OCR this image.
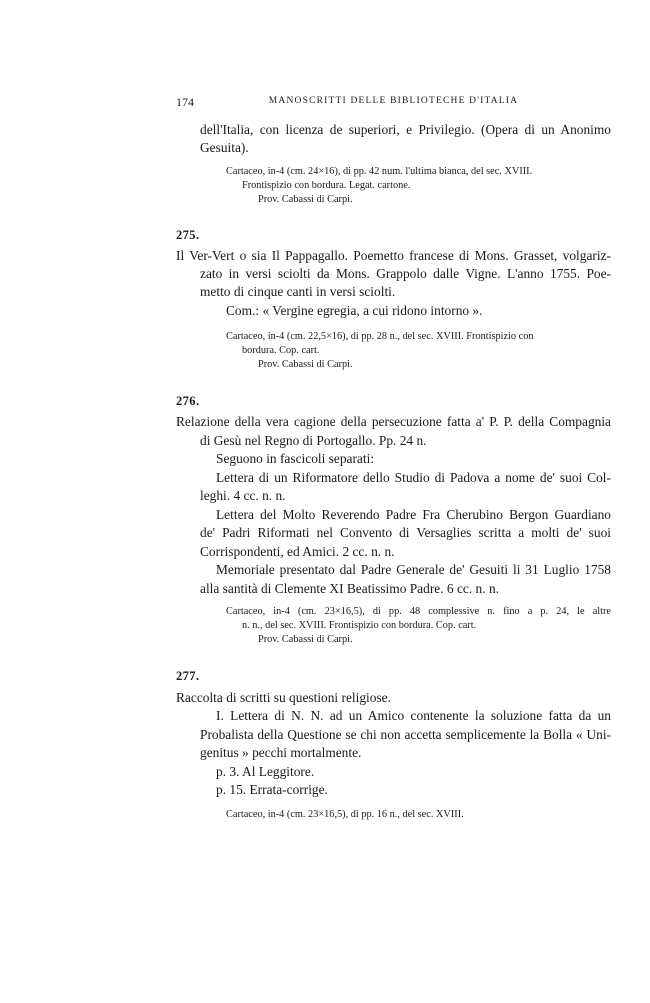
174	MANOSCRITTI DELLE BIBLIOTECHE D'ITALIA
dell'Italia, con licenza de superiori, e Privilegio. (Opera di un Anonimo
Gesuita).
Cartaceo, in-4 (cm. 24×16), di pp. 42 num. l'ultima bianca, del sec. XVIII.
Frontispizio con bordura. Legat. cartone.
Prov. Cabassi di Carpi.
275.
Il Ver-Vert o sia Il Pappagallo. Poemetto francese di Mons. Grasset, volgariz-
zato in versi sciolti da Mons. Grappolo dalle Vigne. L'anno 1755. Poe-
metto di cinque canti in versi sciolti.
Com.: « Vergine egregia, a cui ridono intorno ».
Cartaceo, in-4 (cm. 22,5×16), di pp. 28 n., del sec. XVIII. Frontispizio con
bordura. Cop. cart.
Prov. Cabassi di Carpi.
276.
Relazione della vera cagione della persecuzione fatta a' P. P. della Compagnia
di Gesù nel Regno di Portogallo. Pp. 24 n.
Seguono in fascicoli separati:
Lettera di un Riformatore dello Studio di Padova a nome de' suoi Col-
leghi. 4 cc. n. n.
Lettera del Molto Reverendo Padre Fra Cherubino Bergon Guardiano
de' Padri Riformati nel Convento di Versaglies scritta a molti de' suoi
Corrispondenti, ed Amici. 2 cc. n. n.
Memoriale presentato dal Padre Generale de' Gesuiti li 31 Luglio 1758
alla santità di Clemente XI Beatissimo Padre. 6 cc. n. n.
Cartaceo, in-4 (cm. 23×16,5), di pp. 48 complessive n. fino a p. 24, le altre
n. n., del sec. XVIII. Frontispizio con bordura. Cop. cart.
Prov. Cabassi di Carpi.
277.
Raccolta di scritti su questioni religiose.
I. Lettera di N. N. ad un Amico contenente la soluzione fatta da un
Probalista della Questione se chi non accetta semplicemente la Bolla « Uni-
genitus » pecchi mortalmente.
p. 3. Al Leggitore.
p. 15. Errata-corrige.
Cartaceo, in-4 (cm. 23×16,5), di pp. 16 n., del sec. XVIII.
